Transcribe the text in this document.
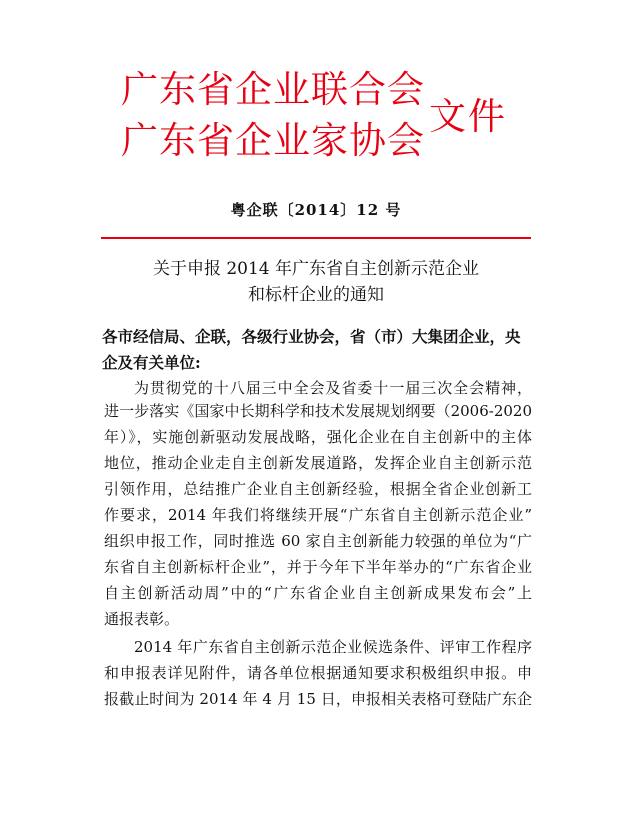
广东省企业联合会
广东省企业家协会
文件
粤企联〔2014〕12 号
关于申报 2014 年广东省自主创新示范企业
和标杆企业的通知
各市经信局、企联，各级行业协会，省（市）大集团企业，央
企及有关单位:
为贯彻党的十八届三中全会及省委十一届三次全会精神，
进一步落实《国家中长期科学和技术发展规划纲要（2006-2020
年）》，实施创新驱动发展战略，强化企业在自主创新中的主体
地位，推动企业走自主创新发展道路，发挥企业自主创新示范
引领作用，总结推广企业自主创新经验，根据全省企业创新工
作要求，2014 年我们将继续开展“广东省自主创新示范企业”
组织申报工作，同时推选 60 家自主创新能力较强的单位为“广
东省自主创新标杆企业”，并于今年下半年举办的“广东省企业
自主创新活动周”中的“广东省企业自主创新成果发布会”上
通报表彰。
2014 年广东省自主创新示范企业候选条件、评审工作程序
和申报表详见附件，请各单位根据通知要求积极组织申报。申
报截止时间为 2014 年 4 月 15 日，申报相关表格可登陆广东企
